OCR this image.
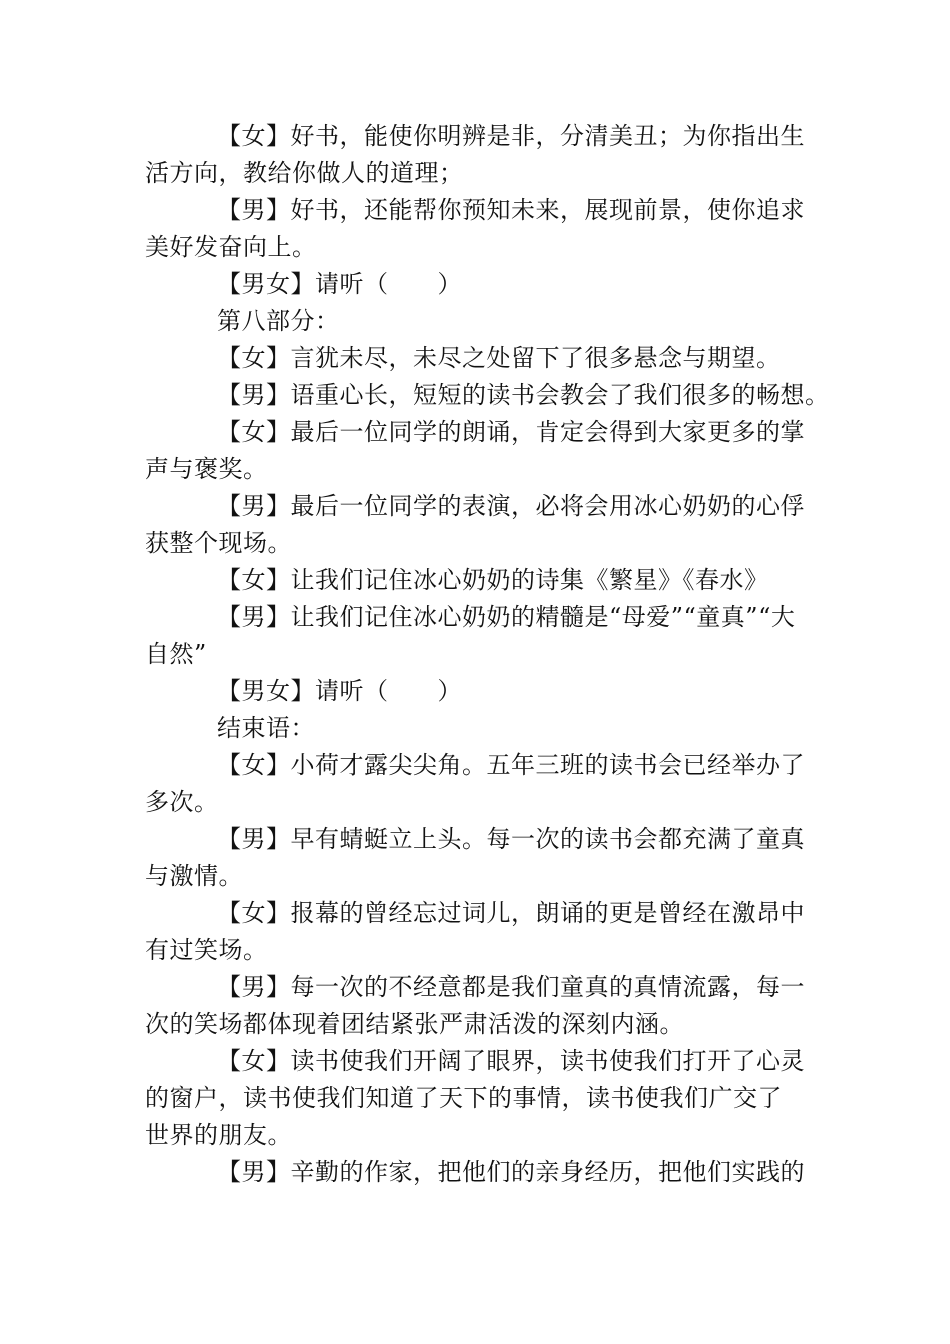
【女】好书，能使你明辨是非，分清美丑；为你指出生活方向，教给你做人的道理；

【男】好书，还能帮你预知未来，展现前景，使你追求美好发奋向上。

【男女】请听（　　）

第八部分：

【女】言犹未尽，未尽之处留下了很多悬念与期望。

【男】语重心长，短短的读书会教会了我们很多的畅想。

【女】最后一位同学的朗诵，肯定会得到大家更多的掌声与褒奖。

【男】最后一位同学的表演，必将会用冰心奶奶的心俘获整个现场。

【女】让我们记住冰心奶奶的诗集《繁星》《春水》

【男】让我们记住冰心奶奶的精髓是“母爱”“童真”“大自然”

【男女】请听（　　）

结束语：

【女】小荷才露尖尖角。五年三班的读书会已经举办了多次。

【男】早有蜻蜓立上头。每一次的读书会都充满了童真与激情。

【女】报幕的曾经忘过词儿，朗诵的更是曾经在激昂中有过笑场。

【男】每一次的不经意都是我们童真的真情流露，每一次的笑场都体现着团结紧张严肃活泼的深刻内涵。

【女】读书使我们开阔了眼界，读书使我们打开了心灵的窗户，读书使我们知道了天下的事情，读书使我们广交了世界的朋友。

【男】辛勤的作家，把他们的亲身经历，把他们实践的
